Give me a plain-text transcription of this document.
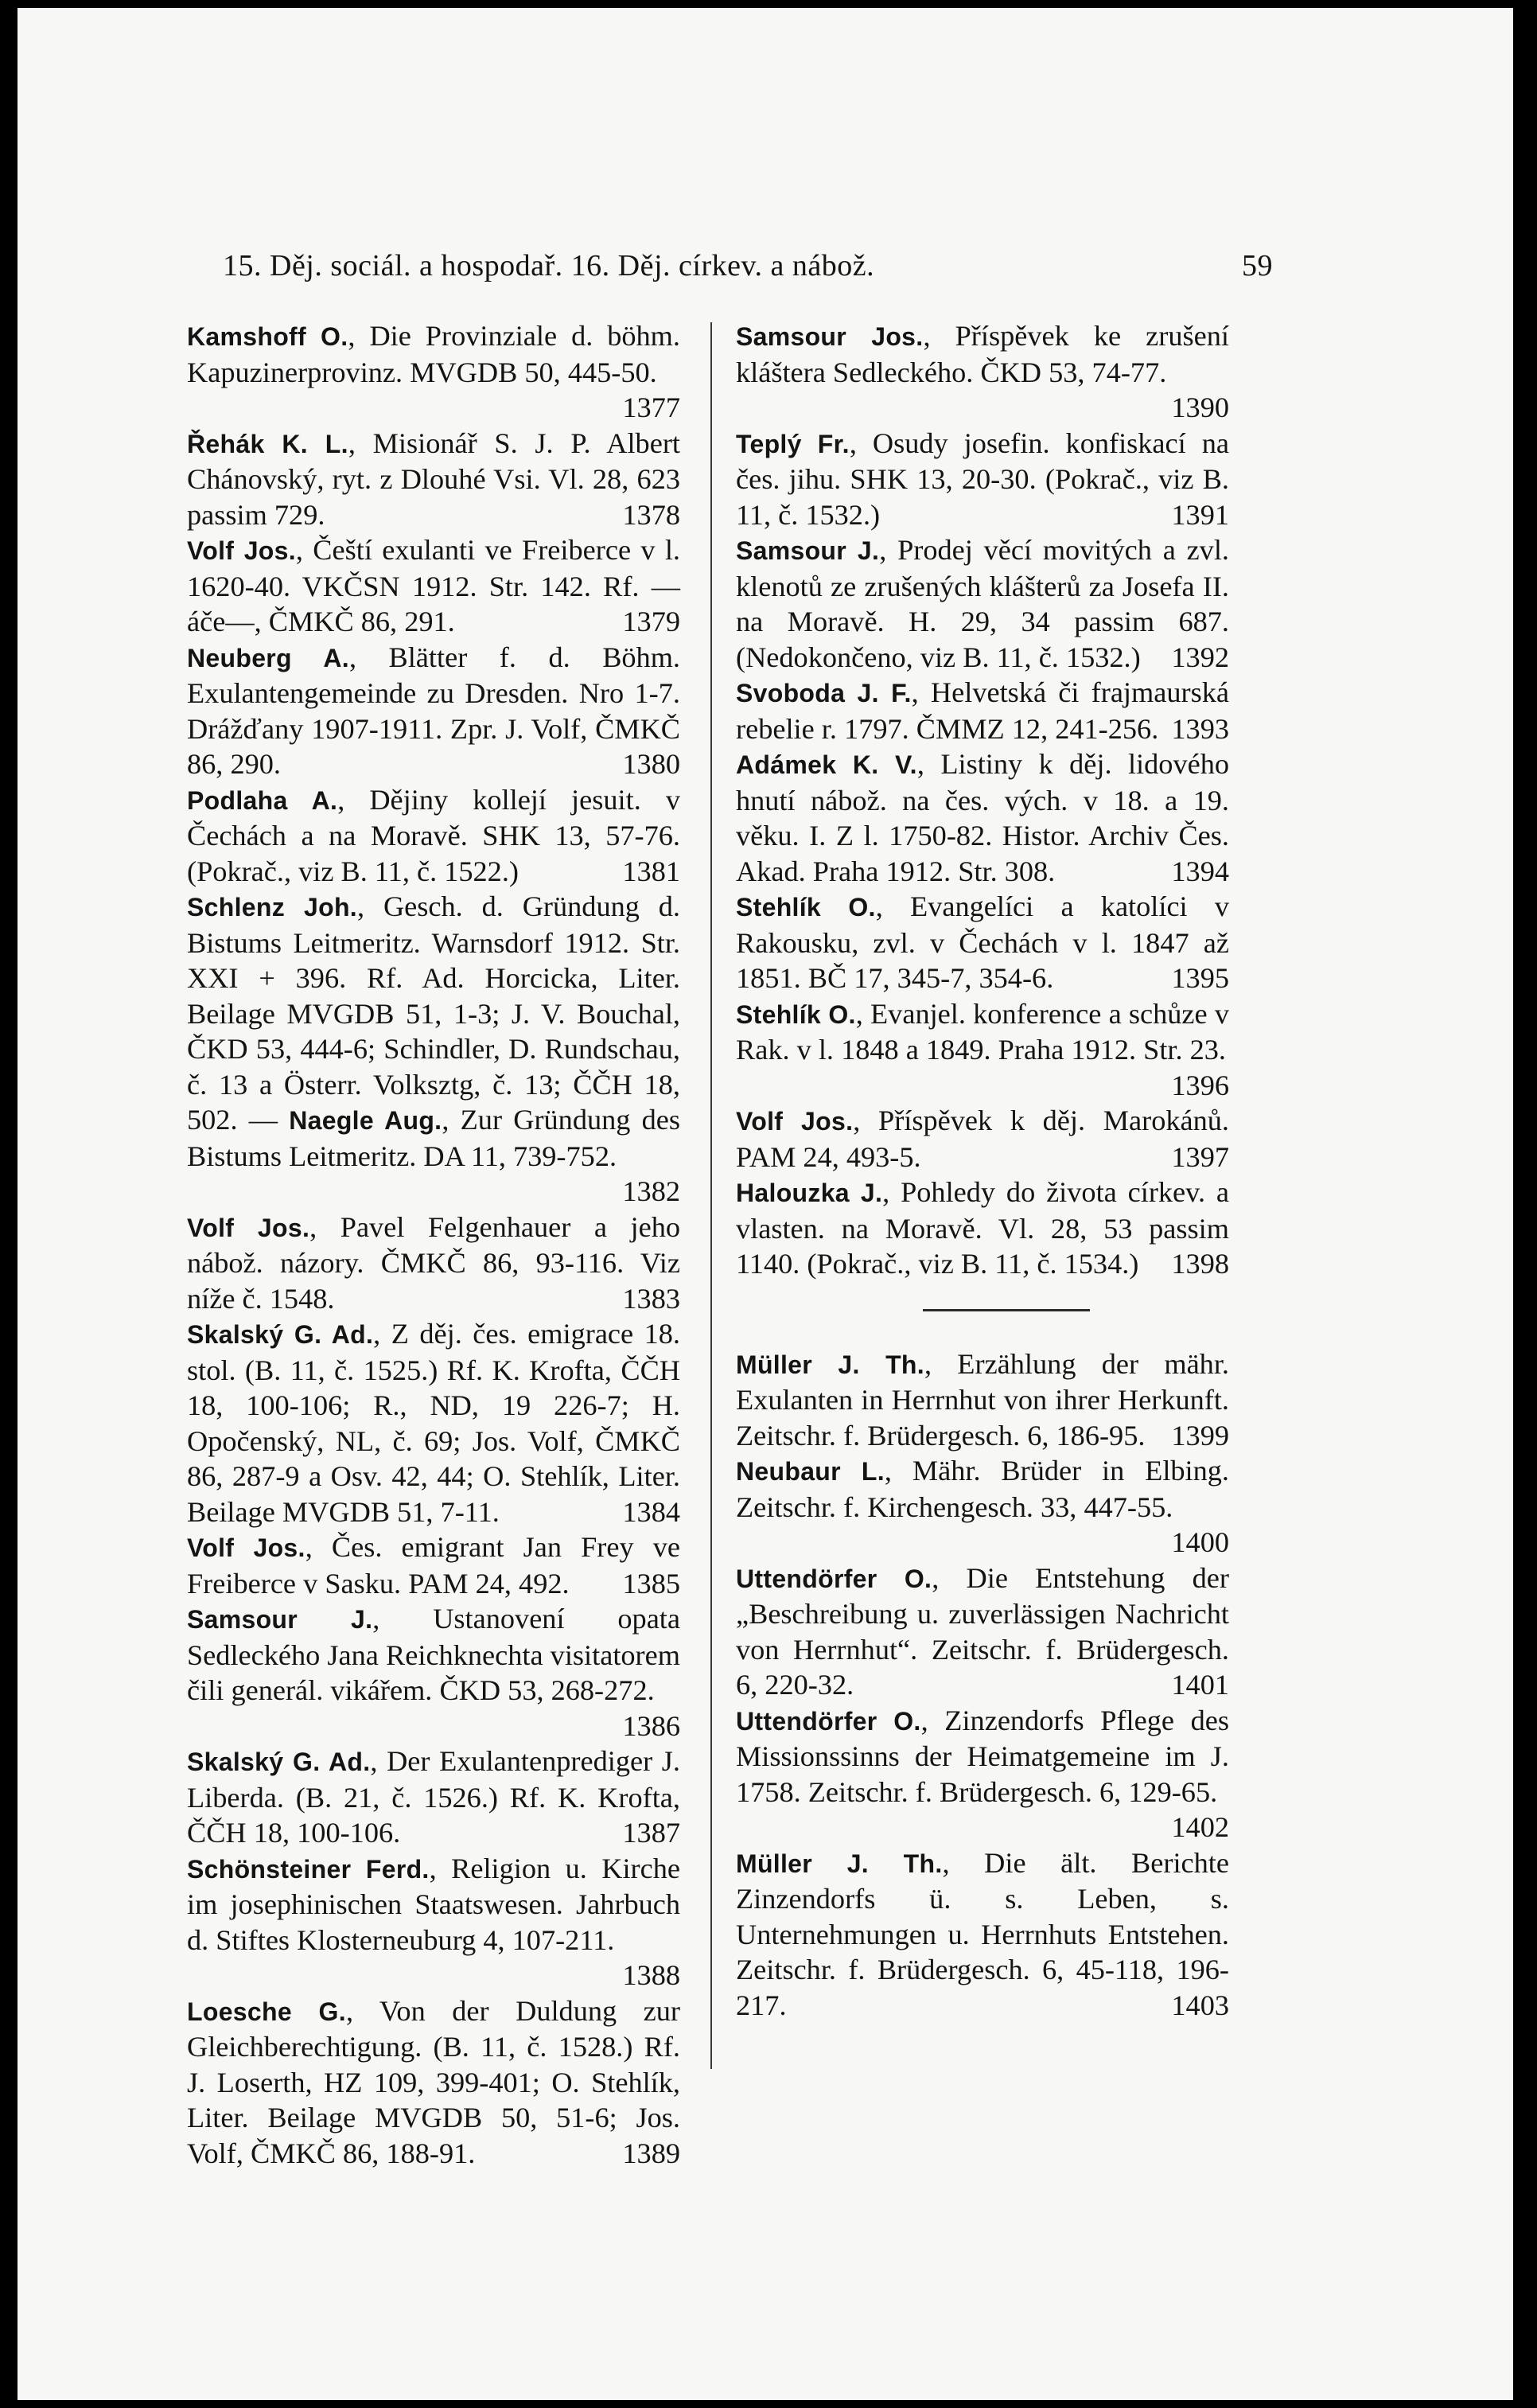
15. Děj. sociál. a hospodař. 16. Děj. církev. a nábož.	59
Kamshoff O., Die Provinziale d. böhm. Kapuzinerprovinz. MVGDB 50, 445-50.
1377
Řehák K. L., Misionář S. J. P. Albert Chánovský, ryt. z Dlouhé Vsi. Vl. 28, 623 passim 729.	1378
Volf Jos., Čeští exulanti ve Freiberce v l. 1620-40. VKČSN 1912. Str. 142. Rf. —áče—, ČMKČ 86, 291.	1379
Neuberg A., Blätter f. d. Böhm. Exulantengemeinde zu Dresden. Nro 1-7. Drážďany 1907-1911. Zpr. J. Volf, ČMKČ 86, 290.	1380
Podlaha A., Dějiny kollejí jesuit. v Čechách a na Moravě. SHK 13, 57-76. (Pokrač., viz B. 11, č. 1522.)	1381
Schlenz Joh., Gesch. d. Gründung d. Bistums Leitmeritz. Warnsdorf 1912. Str. XXI + 396. Rf. Ad. Horcicka, Liter. Beilage MVGDB 51, 1-3; J. V. Bouchal, ČKD 53, 444-6; Schindler, D. Rundschau, č. 13 a Österr. Volksztg, č. 13; ČČH 18, 502. — Naegle Aug., Zur Gründung des Bistums Leitmeritz. DA 11, 739-752.
1382
Volf Jos., Pavel Felgenhauer a jeho nábož. názory. ČMKČ 86, 93-116. Viz níže č. 1548.	1383
Skalský G. Ad., Z děj. čes. emigrace 18. stol. (B. 11, č. 1525.) Rf. K. Krofta, ČČH 18, 100-106; R., ND, 19 226-7; H. Opočenský, NL, č. 69; Jos. Volf, ČMKČ 86, 287-9 a Osv. 42, 44; O. Stehlík, Liter. Beilage MVGDB 51, 7-11.	1384
Volf Jos., Čes. emigrant Jan Frey ve Freiberce v Sasku. PAM 24, 492. 1385
Samsour J., Ustanovení opata Sedleckého Jana Reichknechta visitatorem čili generál. vikářem. ČKD 53, 268-272.
1386
Skalský G. Ad., Der Exulantenprediger J. Liberda. (B. 21, č. 1526.) Rf. K. Krofta, ČČH 18, 100-106.	1387
Schönsteiner Ferd., Religion u. Kirche im josephinischen Staatswesen. Jahrbuch d. Stiftes Klosterneuburg 4, 107-211.
1388
Loesche G., Von der Duldung zur Gleichberechtigung. (B. 11, č. 1528.) Rf. J. Loserth, HZ 109, 399-401; O. Stehlík, Liter. Beilage MVGDB 50, 51-6; Jos. Volf, ČMKČ 86, 188-91.	1389
Samsour Jos., Příspěvek ke zrušení kláštera Sedleckého. ČKD 53, 74-77.
1390
Teplý Fr., Osudy josefin. konfiskací na čes. jihu. SHK 13, 20-30. (Pokrač., viz B. 11, č. 1532.)	1391
Samsour J., Prodej věcí movitých a zvl. klenotů ze zrušených klášterů za Josefa II. na Moravě. H. 29, 34 passim 687. (Nedokončeno, viz B. 11, č. 1532.) 1392
Svoboda J. F., Helvetská či frajmaurská rebelie r. 1797. ČMMZ 12, 241-256. 1393
Adámek K. V., Listiny k děj. lidového hnutí nábož. na čes. vých. v 18. a 19. věku. I. Z l. 1750-82. Histor. Archiv Čes. Akad. Praha 1912. Str. 308.	1394
Stehlík O., Evangelíci a katolíci v Rakousku, zvl. v Čechách v l. 1847 až 1851. BČ 17, 345-7, 354-6.	1395
Stehlík O., Evanjel. konference a schůze v Rak. v l. 1848 a 1849. Praha 1912. Str. 23.
1396
Volf Jos., Příspěvek k děj. Marokánů. PAM 24, 493-5.	1397
Halouzka J., Pohledy do života církev. a vlasten. na Moravě. Vl. 28, 53 passim 1140. (Pokrač., viz B. 11, č. 1534.) 1398
Müller J. Th., Erzählung der mähr. Exulanten in Herrnhut von ihrer Herkunft. Zeitschr. f. Brüdergesch. 6, 186-95. 1399
Neubaur L., Mähr. Brüder in Elbing. Zeitschr. f. Kirchengesch. 33, 447-55.
1400
Uttendörfer O., Die Entstehung der „Beschreibung u. zuverlässigen Nachricht von Herrnhut“. Zeitschr. f. Brüdergesch. 6, 220-32.	1401
Uttendörfer O., Zinzendorfs Pflege des Missionssinns der Heimatgemeine im J. 1758. Zeitschr. f. Brüdergesch. 6, 129-65.
1402
Müller J. Th., Die ält. Berichte Zinzendorfs ü. s. Leben, s. Unternehmungen u. Herrnhuts Entstehen. Zeitschr. f. Brüdergesch. 6, 45-118, 196-217.	1403
